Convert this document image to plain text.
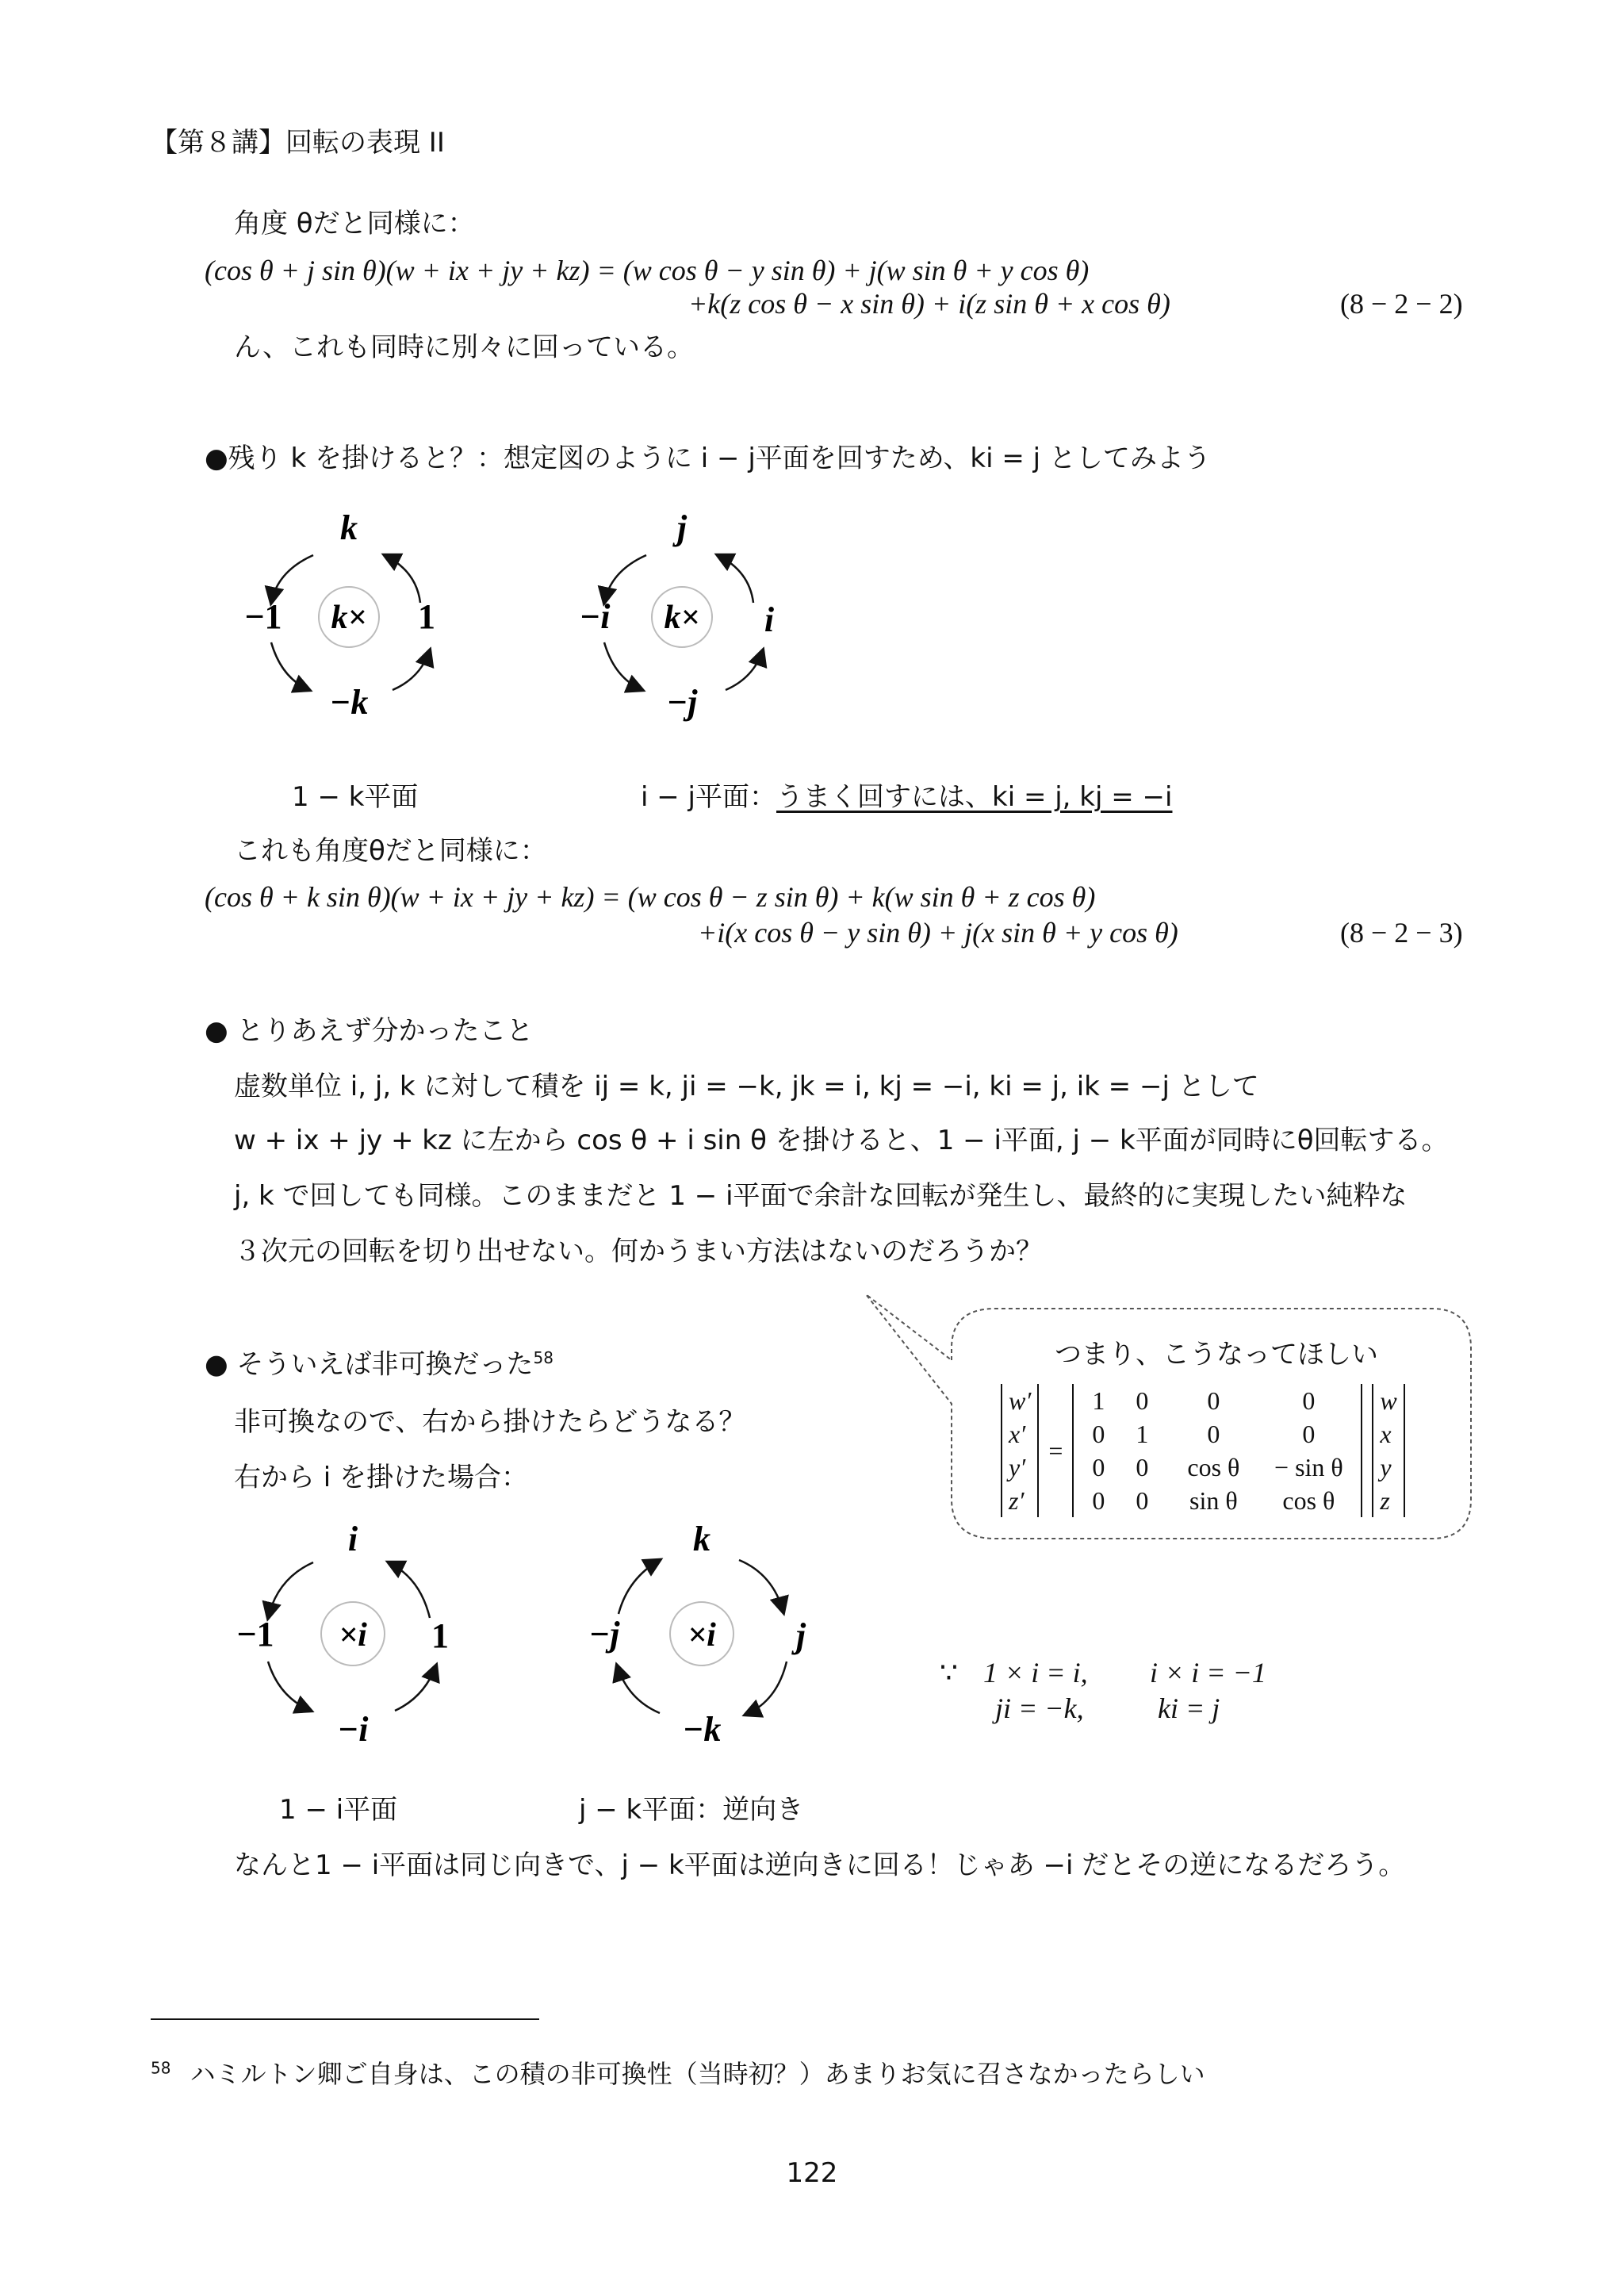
【第８講】回転の表現 II
角度 θだと同様に：
(cos θ + j sin θ)(w + ix + jy + kz) = (w cos θ − y sin θ) + j(w sin θ + y cos θ)
+k(z cos θ − x sin θ) + i(z sin θ + x cos θ)	(8 − 2 − 2)
ん、これも同時に別々に回っている。
●残り k を掛けると？：想定図のように i − j平面を回すため、ki = j としてみよう
k
−1 k× 1
−k
j
−i k× i
−j
1 − k平面	i − j平面：うまく回すには、ki = j, kj = −i
これも角度θだと同様に：
(cos θ + k sin θ)(w + ix + jy + kz) = (w cos θ − z sin θ) + k(w sin θ + z cos θ)
+i(x cos θ − y sin θ) + j(x sin θ + y cos θ)	(8 − 2 − 3)
● とりあえず分かったこと
虚数単位 i, j, k に対して積を ij = k, ji = −k, jk = i, kj = −i, ki = j, ik = −j として
w + ix + jy + kz に左から cos θ + i sin θ を掛けると、1 − i平面, j − k平面が同時にθ回転する。
j, k で回しても同様。このままだと 1 − i平面で余計な回転が発生し、最終的に実現したい純粋な
３次元の回転を切り出せない。何かうまい方法はないのだろうか？
つまり、こうなってほしい
w′
x′
y′
z′
=
1	0	0	0
0	1	0	0
0	0	cos θ	− sin θ
0	0	sin θ	cos θ
w
x
y
z
● そういえば非可換だった$^{58}$
非可換なので、右から掛けたらどうなる？
右から i を掛けた場合：
i
−1 ×i 1
−i
k
−j ×i j
−k
∵ 1 × i = i, i × i = −1
ji = −k,	ki = j
1 − i平面	j − k平面：逆向き
なんと1 − i平面は同じ向きで、j − k平面は逆向きに回る！じゃあ −i だとその逆になるだろう。
$^{58}$ ハミルトン卿ご自身は、この積の非可換性（当時初？）あまりお気に召さなかったらしい
122
